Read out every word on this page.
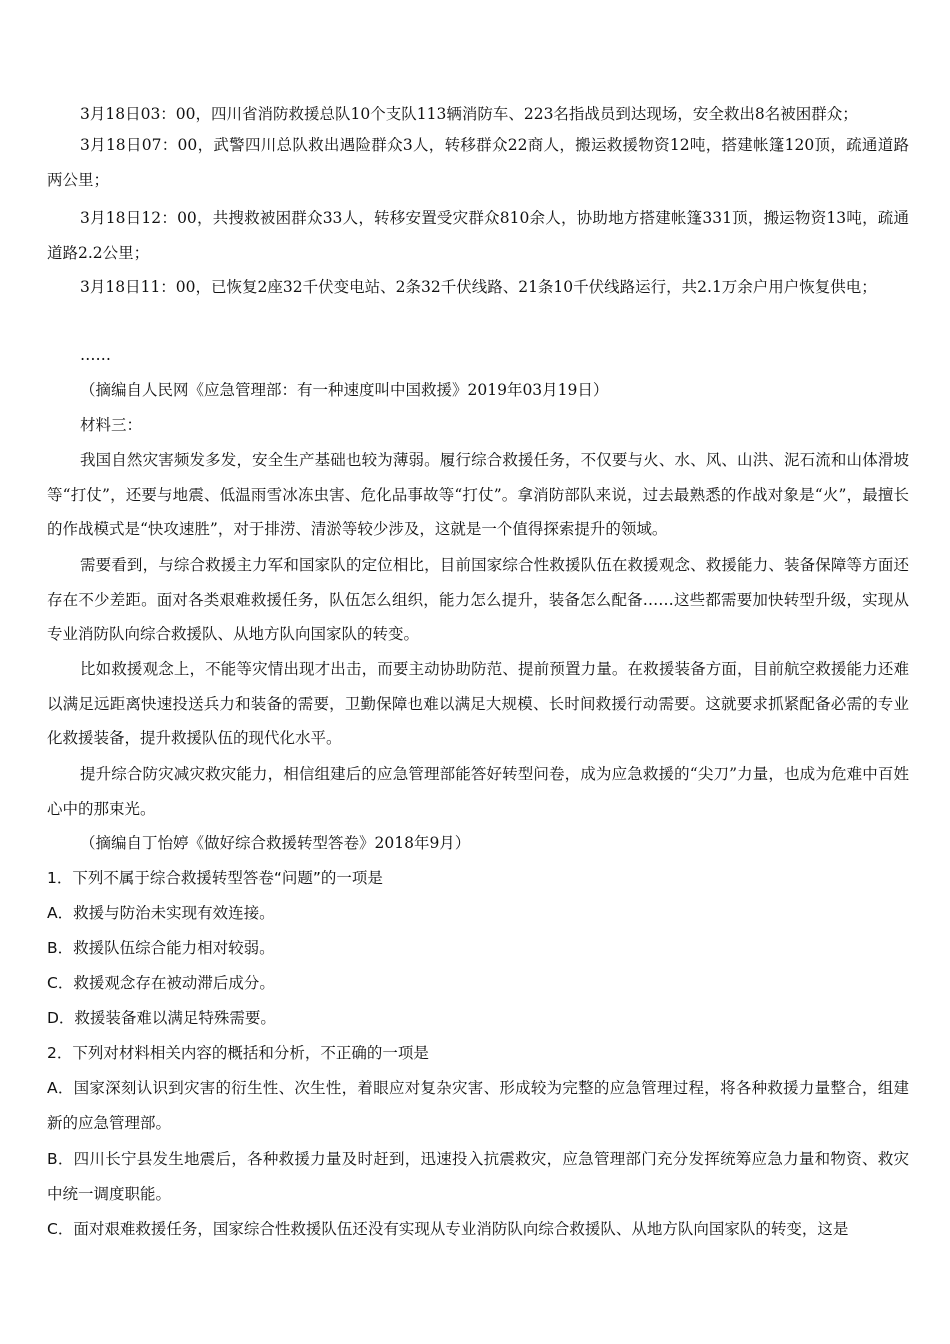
3月18日03：00，四川省消防救援总队10个支队113辆消防车、223名指战员到达现场，安全救出8名被困群众；

3月18日07：00，武警四川总队救出遇险群众3人，转移群众22商人，搬运救援物资12吨，搭建帐篷120顶，疏通道路两公里；

3月18日12：00，共搜救被困群众33人，转移安置受灾群众810余人，协助地方搭建帐篷331顶，搬运物资13吨，疏通道路2.2公里；

3月18日11：00，已恢复2座32千伏变电站、2条32千伏线路、21条10千伏线路运行，共2.1万余户用户恢复供电；

……

（摘编自人民网《应急管理部：有一种速度叫中国救援》2019年03月19日）

材料三：

我国自然灾害频发多发，安全生产基础也较为薄弱。履行综合救援任务，不仅要与火、水、风、山洪、泥石流和山体滑坡等“打仗”，还要与地震、低温雨雪冰冻虫害、危化品事故等“打仗”。拿消防部队来说，过去最熟悉的作战对象是“火”，最擅长的作战模式是“快攻速胜”，对于排涝、清淤等较少涉及，这就是一个值得探索提升的领域。

需要看到，与综合救援主力军和国家队的定位相比，目前国家综合性救援队伍在救援观念、救援能力、装备保障等方面还存在不少差距。面对各类艰难救援任务，队伍怎么组织，能力怎么提升，装备怎么配备……这些都需要加快转型升级，实现从专业消防队向综合救援队、从地方队向国家队的转变。

比如救援观念上，不能等灾情出现才出击，而要主动协助防范、提前预置力量。在救援装备方面，目前航空救援能力还难以满足远距离快速投送兵力和装备的需要，卫勤保障也难以满足大规模、长时间救援行动需要。这就要求抓紧配备必需的专业化救援装备，提升救援队伍的现代化水平。

提升综合防灾减灾救灾能力，相信组建后的应急管理部能答好转型问卷，成为应急救援的“尖刀”力量，也成为危难中百姓心中的那束光。

（摘编自丁怡婷《做好综合救援转型答卷》2018年9月）

1．下列不属于综合救援转型答卷“问题”的一项是

A．救援与防治未实现有效连接。

B．救援队伍综合能力相对较弱。

C．救援观念存在被动滞后成分。

D．救援装备难以满足特殊需要。

2．下列对材料相关内容的概括和分析，不正确的一项是

A．国家深刻认识到灾害的衍生性、次生性，着眼应对复杂灾害、形成较为完整的应急管理过程，将各种救援力量整合，组建新的应急管理部。

B．四川长宁县发生地震后，各种救援力量及时赶到，迅速投入抗震救灾，应急管理部门充分发挥统筹应急力量和物资、救灾中统一调度职能。

C．面对艰难救援任务，国家综合性救援队伍还没有实现从专业消防队向综合救援队、从地方队向国家队的转变，这是
